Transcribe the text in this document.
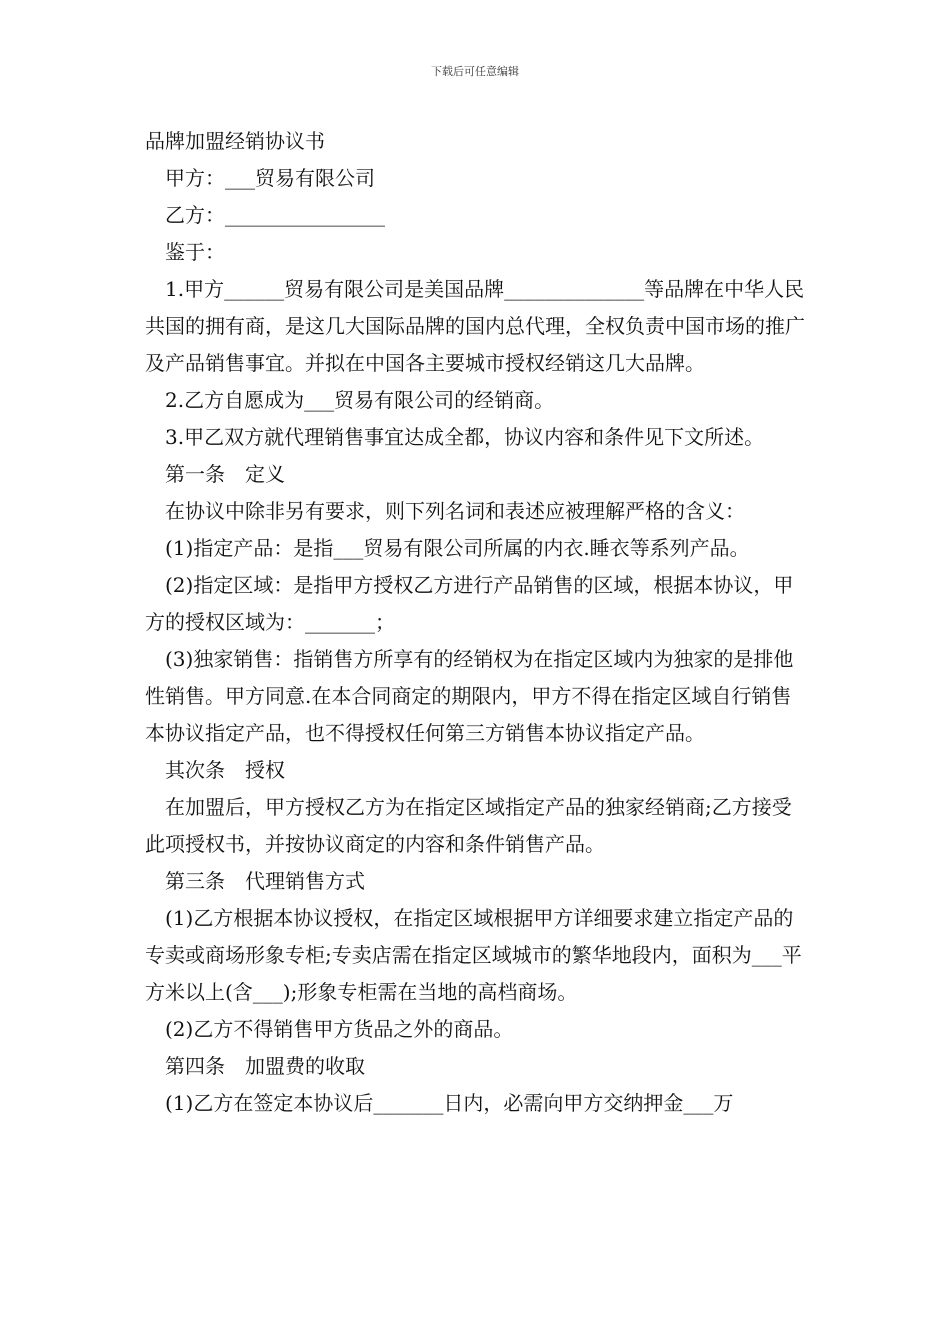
下载后可任意编辑

品牌加盟经销协议书

甲方：___贸易有限公司

乙方：________________

鉴于：

1.甲方______贸易有限公司是美国品牌______________等品牌在中华人民共国的拥有商，是这几大国际品牌的国内总代理，全权负责中国市场的推广及产品销售事宜。并拟在中国各主要城市授权经销这几大品牌。

2.乙方自愿成为___贸易有限公司的经销商。

3.甲乙双方就代理销售事宜达成全都，协议内容和条件见下文所述。

第一条　定义

在协议中除非另有要求，则下列名词和表述应被理解严格的含义：

(1)指定产品：是指___贸易有限公司所属的内衣.睡衣等系列产品。

(2)指定区域：是指甲方授权乙方进行产品销售的区域，根据本协议，甲方的授权区域为：_______；

(3)独家销售：指销售方所享有的经销权为在指定区域内为独家的是排他性销售。甲方同意.在本合同商定的期限内，甲方不得在指定区域自行销售本协议指定产品，也不得授权任何第三方销售本协议指定产品。

其次条　授权

在加盟后，甲方授权乙方为在指定区域指定产品的独家经销商;乙方接受此项授权书，并按协议商定的内容和条件销售产品。

第三条　代理销售方式

(1)乙方根据本协议授权，在指定区域根据甲方详细要求建立指定产品的专卖或商场形象专柜;专卖店需在指定区域城市的繁华地段内，面积为___平方米以上(含___);形象专柜需在当地的高档商场。

(2)乙方不得销售甲方货品之外的商品。

第四条　加盟费的收取

(1)乙方在签定本协议后_______日内，必需向甲方交纳押金___万
